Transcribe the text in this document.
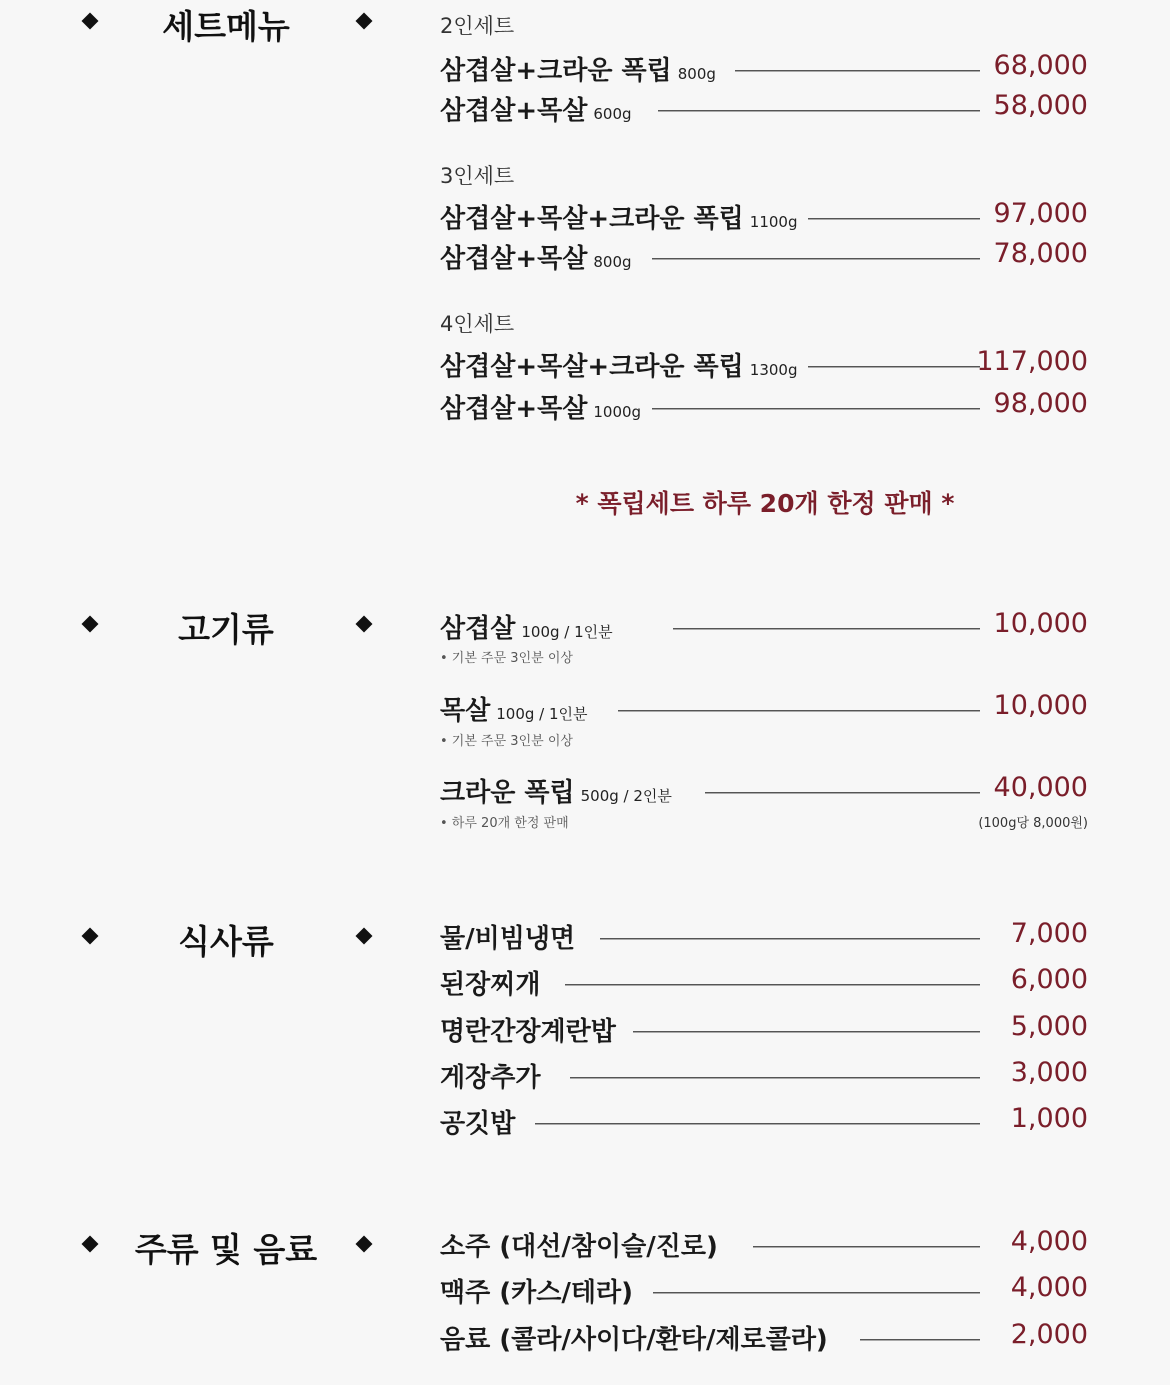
세트메뉴	2인세트
삼겹살+크라운 폭립 800g	68,000
삼겹살+목살 600g	58,000
3인세트
삼겹살+목살+크라운 폭립 1100g	97,000
삼겹살+목살 800g	78,000
4인세트
삼겹살+목살+크라운 폭립 1300g	117,000
삼겹살+목살 1000g	98,000
* 폭립세트 하루 20개 한정 판매 *
고기류	삼겹살 100g / 1인분	10,000
• 기본 주문 3인분 이상
목살 100g / 1인분	10,000
• 기본 주문 3인분 이상
크라운 폭립 500g / 2인분	40,000
• 하루 20개 한정 판매	(100g당 8,000원)
식사류	물/비빔냉면	7,000
된장찌개	6,000
명란간장계란밥	5,000
게장추가	3,000
공깃밥	1,000
주류 및 음료	소주 (대선/참이슬/진로)	4,000
맥주 (카스/테라)	4,000
음료 (콜라/사이다/환타/제로콜라)	2,000
